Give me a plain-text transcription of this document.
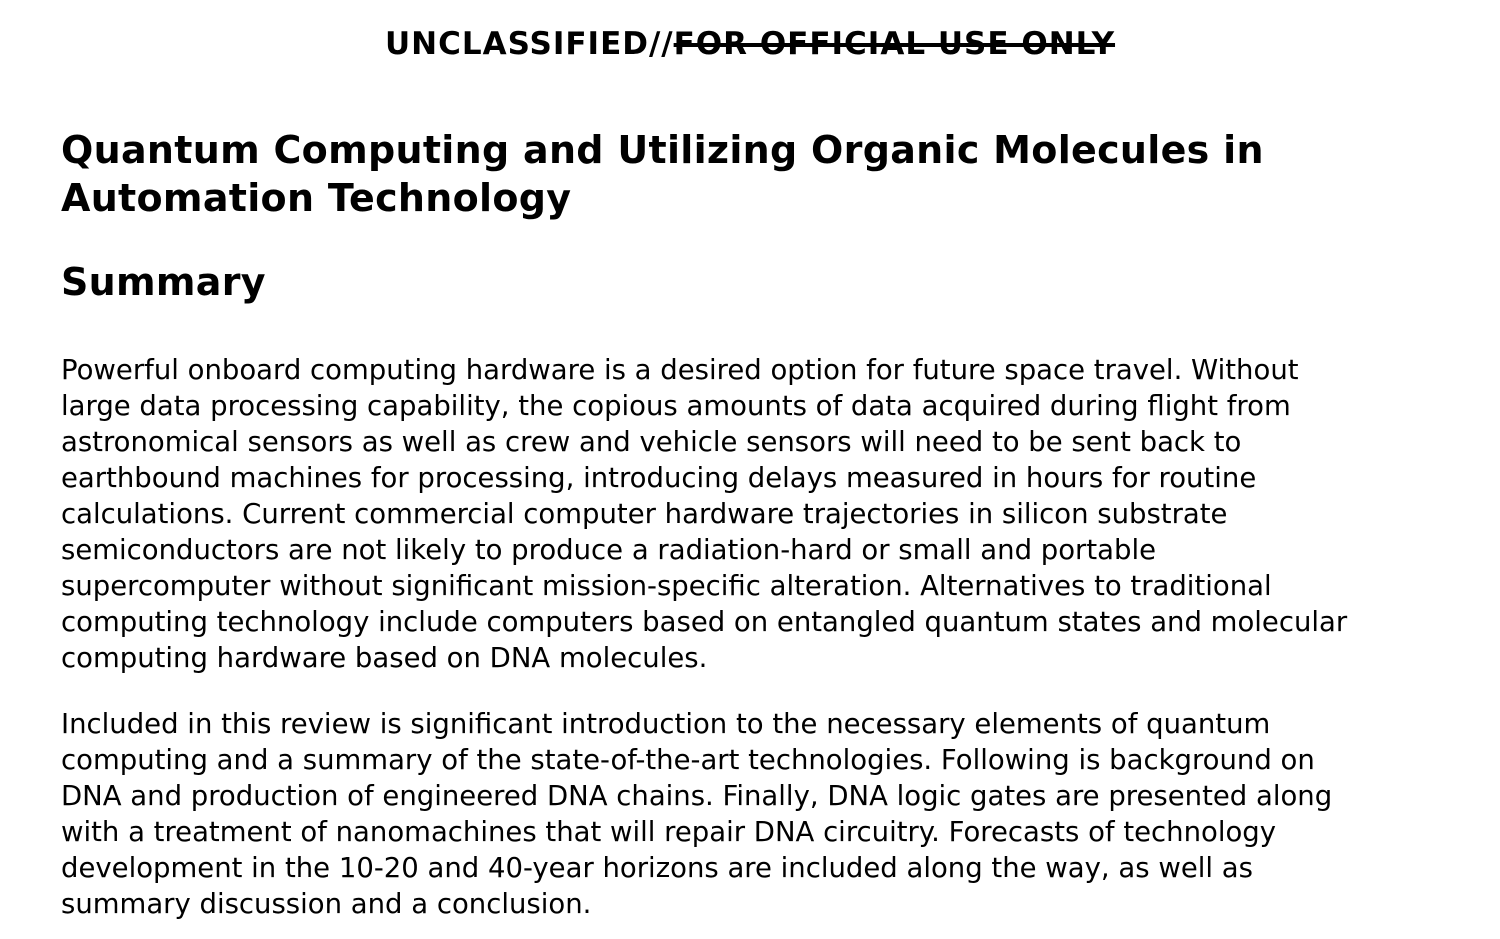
UNCLASSIFIED//FOR OFFICIAL USE ONLY
Quantum Computing and Utilizing Organic Molecules in
Automation Technology
Summary

Powerful onboard computing hardware is a desired option for future space travel. Without
large data processing capability, the copious amounts of data acquired during flight from
astronomical sensors as well as crew and vehicle sensors will need to be sent back to
earthbound machines for processing, introducing delays measured in hours for routine
calculations. Current commercial computer hardware trajectories in silicon substrate
semiconductors are not likely to produce a radiation-hard or small and portable
supercomputer without significant mission-specific alteration. Alternatives to traditional
computing technology include computers based on entangled quantum states and molecular
computing hardware based on DNA molecules.

Included in this review is significant introduction to the necessary elements of quantum
computing and a summary of the state-of-the-art technologies. Following is background on
DNA and production of engineered DNA chains. Finally, DNA logic gates are presented along
with a treatment of nanomachines that will repair DNA circuitry. Forecasts of technology
development in the 10-20 and 40-year horizons are included along the way, as well as
summary discussion and a conclusion.
